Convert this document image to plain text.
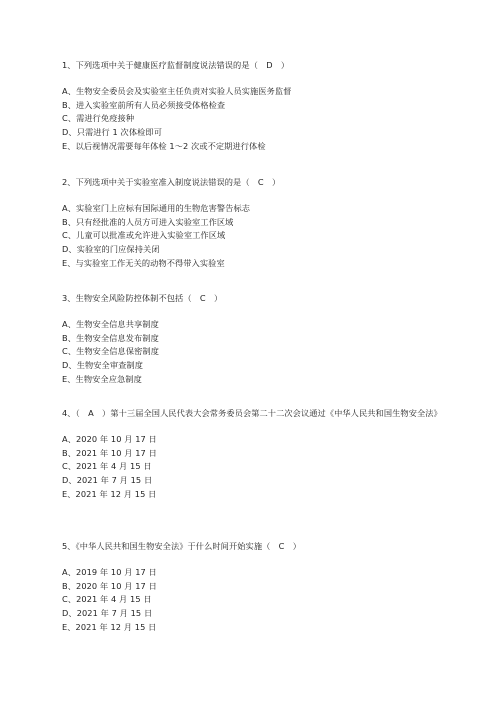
1、下列选项中关于健康医疗监督制度说法错误的是（　D　）

A、生物安全委员会及实验室主任负责对实验人员实施医务监督
B、进入实验室前所有人员必须接受体格检查
C、需进行免疫接种
D、只需进行 1 次体检即可
E、以后视情况需要每年体检 1～2 次或不定期进行体检

2、下列选项中关于实验室准入制度说法错误的是（　C　）

A、实验室门上应标有国际通用的生物危害警告标志
B、只有经批准的人员方可进入实验室工作区域
C、儿童可以批准或允许进入实验室工作区域
D、实验室的门应保持关闭
E、与实验室工作无关的动物不得带入实验室

3、生物安全风险防控体制不包括（　C　）

A、生物安全信息共享制度
B、生物安全信息发布制度
C、生物安全信息保密制度
D、生物安全审查制度
E、生物安全应急制度

4、（　A　）第十三届全国人民代表大会常务委员会第二十二次会议通过《中华人民共和国生物安全法》

A、2020 年 10 月 17 日
B、2021 年 10 月 17 日
C、2021 年 4 月 15 日
D、2021 年 7 月 15 日
E、2021 年 12 月 15 日

5、《中华人民共和国生物安全法》于什么时间开始实施（　C　）

A、2019 年 10 月 17 日
B、2020 年 10 月 17 日
C、2021 年 4 月 15 日
D、2021 年 7 月 15 日
E、2021 年 12 月 15 日
